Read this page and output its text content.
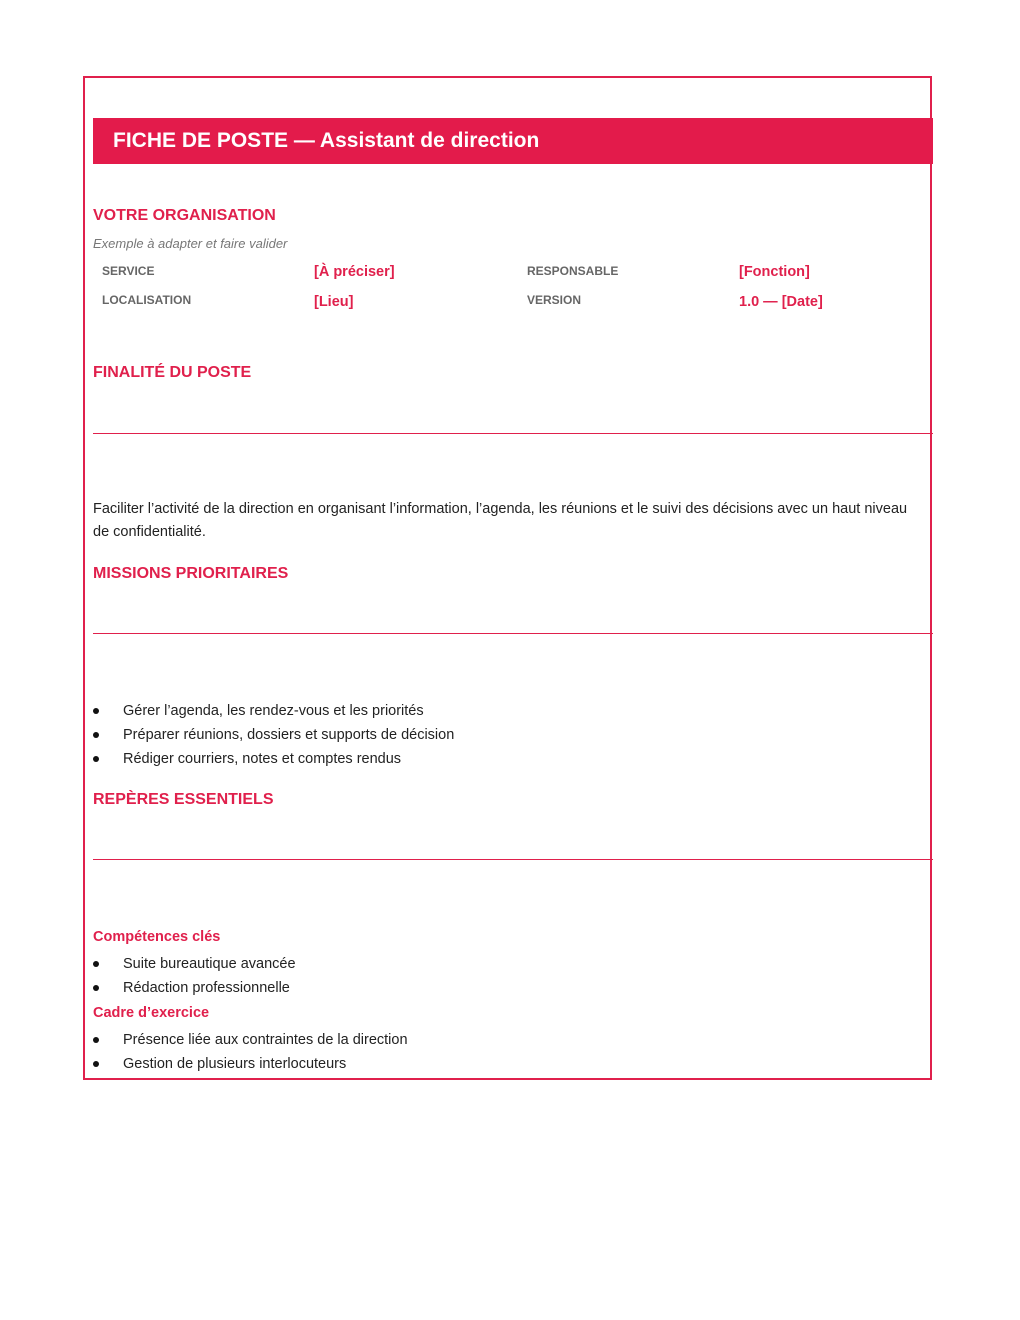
FICHE DE POSTE — Assistant de direction
VOTRE ORGANISATION
Exemple à adapter et faire valider
SERVICE	[À préciser]	RESPONSABLE	[Fonction]
LOCALISATION	[Lieu]	VERSION	1.0 — [Date]
FINALITÉ DU POSTE
Faciliter l’activité de la direction en organisant l’information, l’agenda, les réunions et le suivi des décisions avec un haut niveau de confidentialité.
MISSIONS PRIORITAIRES
Gérer l’agenda, les rendez-vous et les priorités
Préparer réunions, dossiers et supports de décision
Rédiger courriers, notes et comptes rendus
REPÈRES ESSENTIELS
Compétences clés
Suite bureautique avancée
Rédaction professionnelle
Cadre d’exercice
Présence liée aux contraintes de la direction
Gestion de plusieurs interlocuteurs
